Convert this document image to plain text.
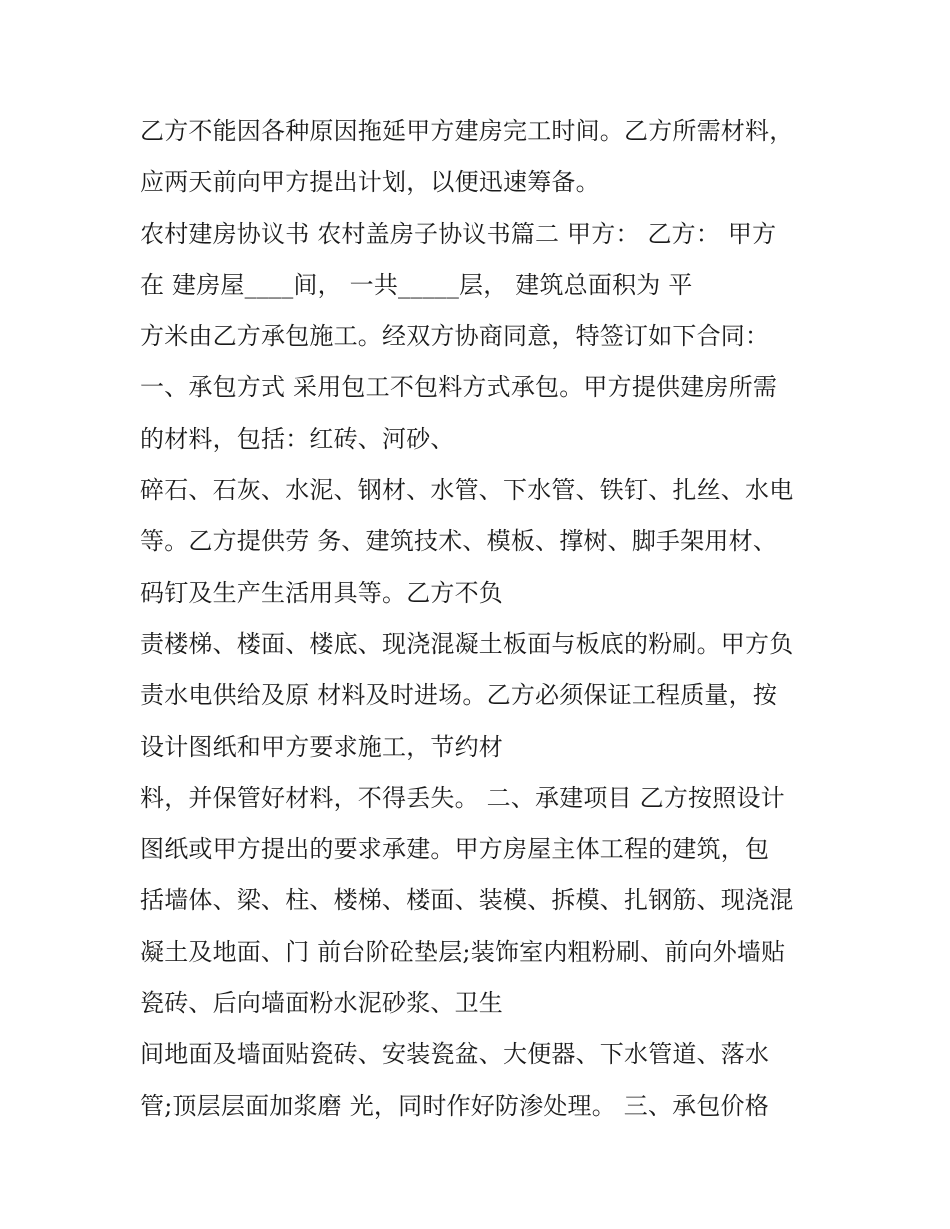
乙方不能因各种原因拖延甲方建房完工时间。乙方所需材料，
应两天前向甲方提出计划，以便迅速筹备。
农村建房协议书 农村盖房子协议书篇二 甲方： 乙方： 甲方
在 建房屋____间， 一共_____层， 建筑总面积为 平
方米由乙方承包施工。经双方协商同意，特签订如下合同：
一、承包方式 采用包工不包料方式承包。甲方提供建房所需
的材料，包括：红砖、河砂、
碎石、石灰、水泥、钢材、水管、下水管、铁钉、扎丝、水电
等。乙方提供劳 务、建筑技术、模板、撑树、脚手架用材、
码钉及生产生活用具等。乙方不负
责楼梯、楼面、楼底、现浇混凝土板面与板底的粉刷。甲方负
责水电供给及原 材料及时进场。乙方必须保证工程质量，按
设计图纸和甲方要求施工，节约材
料，并保管好材料，不得丢失。 二、承建项目 乙方按照设计
图纸或甲方提出的要求承建。甲方房屋主体工程的建筑，包
括墙体、梁、柱、楼梯、楼面、装模、拆模、扎钢筋、现浇混
凝土及地面、门 前台阶砼垫层;装饰室内粗粉刷、前向外墙贴
瓷砖、后向墙面粉水泥砂浆、卫生
间地面及墙面贴瓷砖、安装瓷盆、大便器、下水管道、落水
管;顶层层面加浆磨 光，同时作好防渗处理。 三、承包价格
